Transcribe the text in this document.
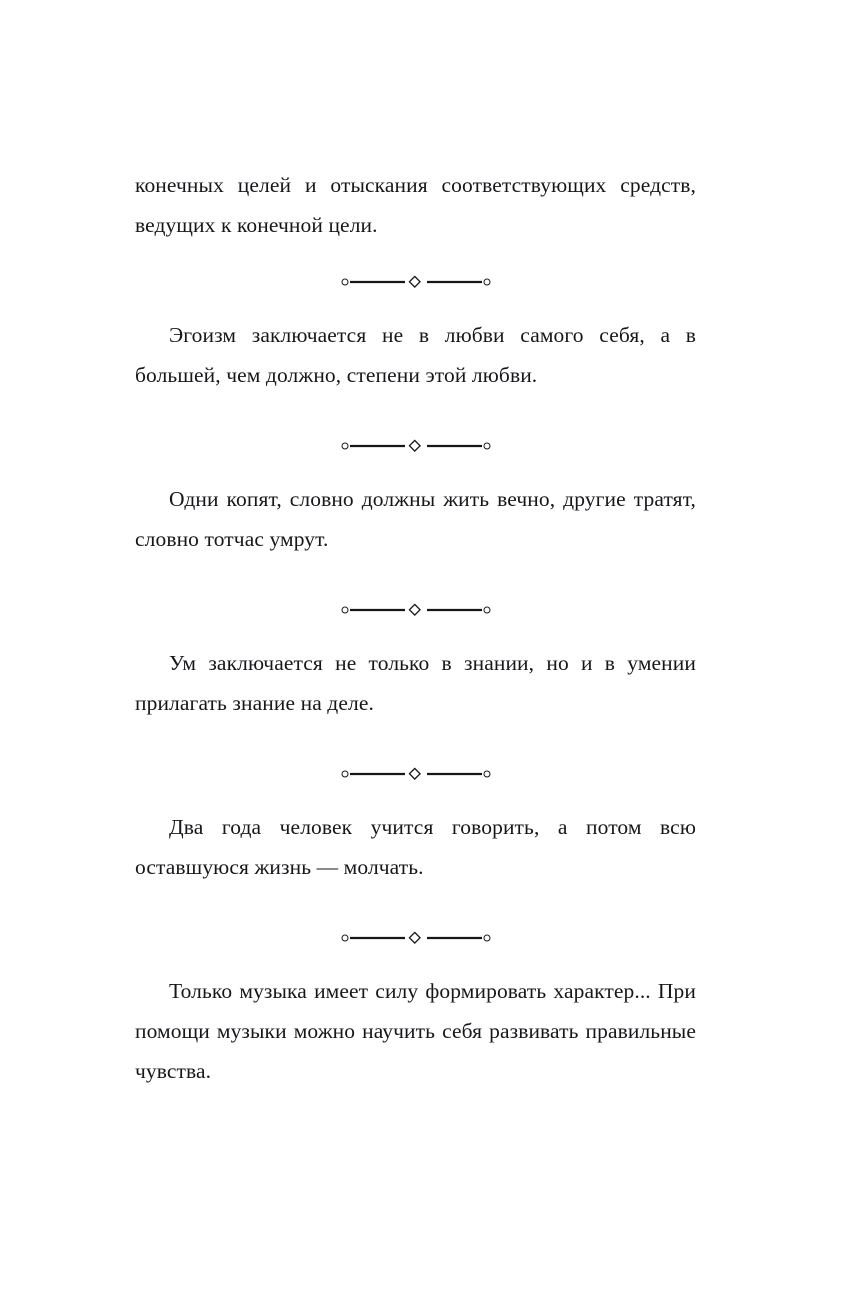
конечных целей и отыскания соответствующих средств, ведущих к конечной цели.
Эгоизм заключается не в любви самого себя, а в большей, чем должно, степени этой любви.
Одни копят, словно должны жить вечно, другие тратят, словно тотчас умрут.
Ум заключается не только в знании, но и в умении прилагать знание на деле.
Два года человек учится говорить, а потом всю оставшуюся жизнь — молчать.
Только музыка имеет силу формировать характер... При помощи музыки можно научить себя развивать правильные чувства.
